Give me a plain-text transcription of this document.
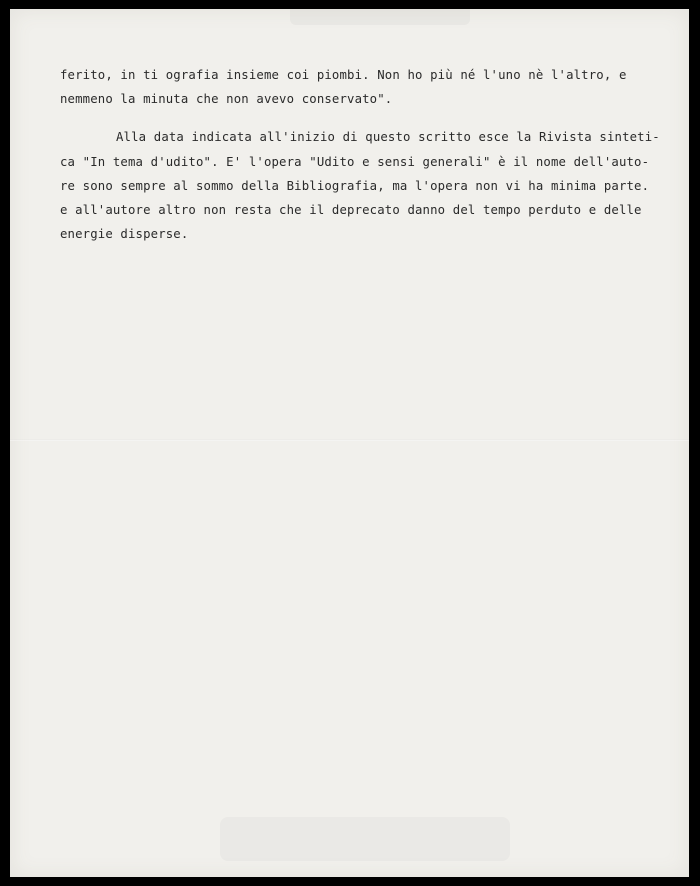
ferito, in ti ografia insieme coi piombi. Non ho più né l'uno nè l'altro, e
nemmeno la minuta che non avevo conservato".
Alla data indicata all'inizio di questo scritto esce la Rivista sinteti-
ca "In tema d'udito". E' l'opera "Udito e sensi generali" è il nome dell'auto-
re sono sempre al sommo della Bibliografia, ma l'opera non vi ha minima parte.
e all'autore altro non resta che il deprecato danno del tempo perduto e delle
energie disperse.
